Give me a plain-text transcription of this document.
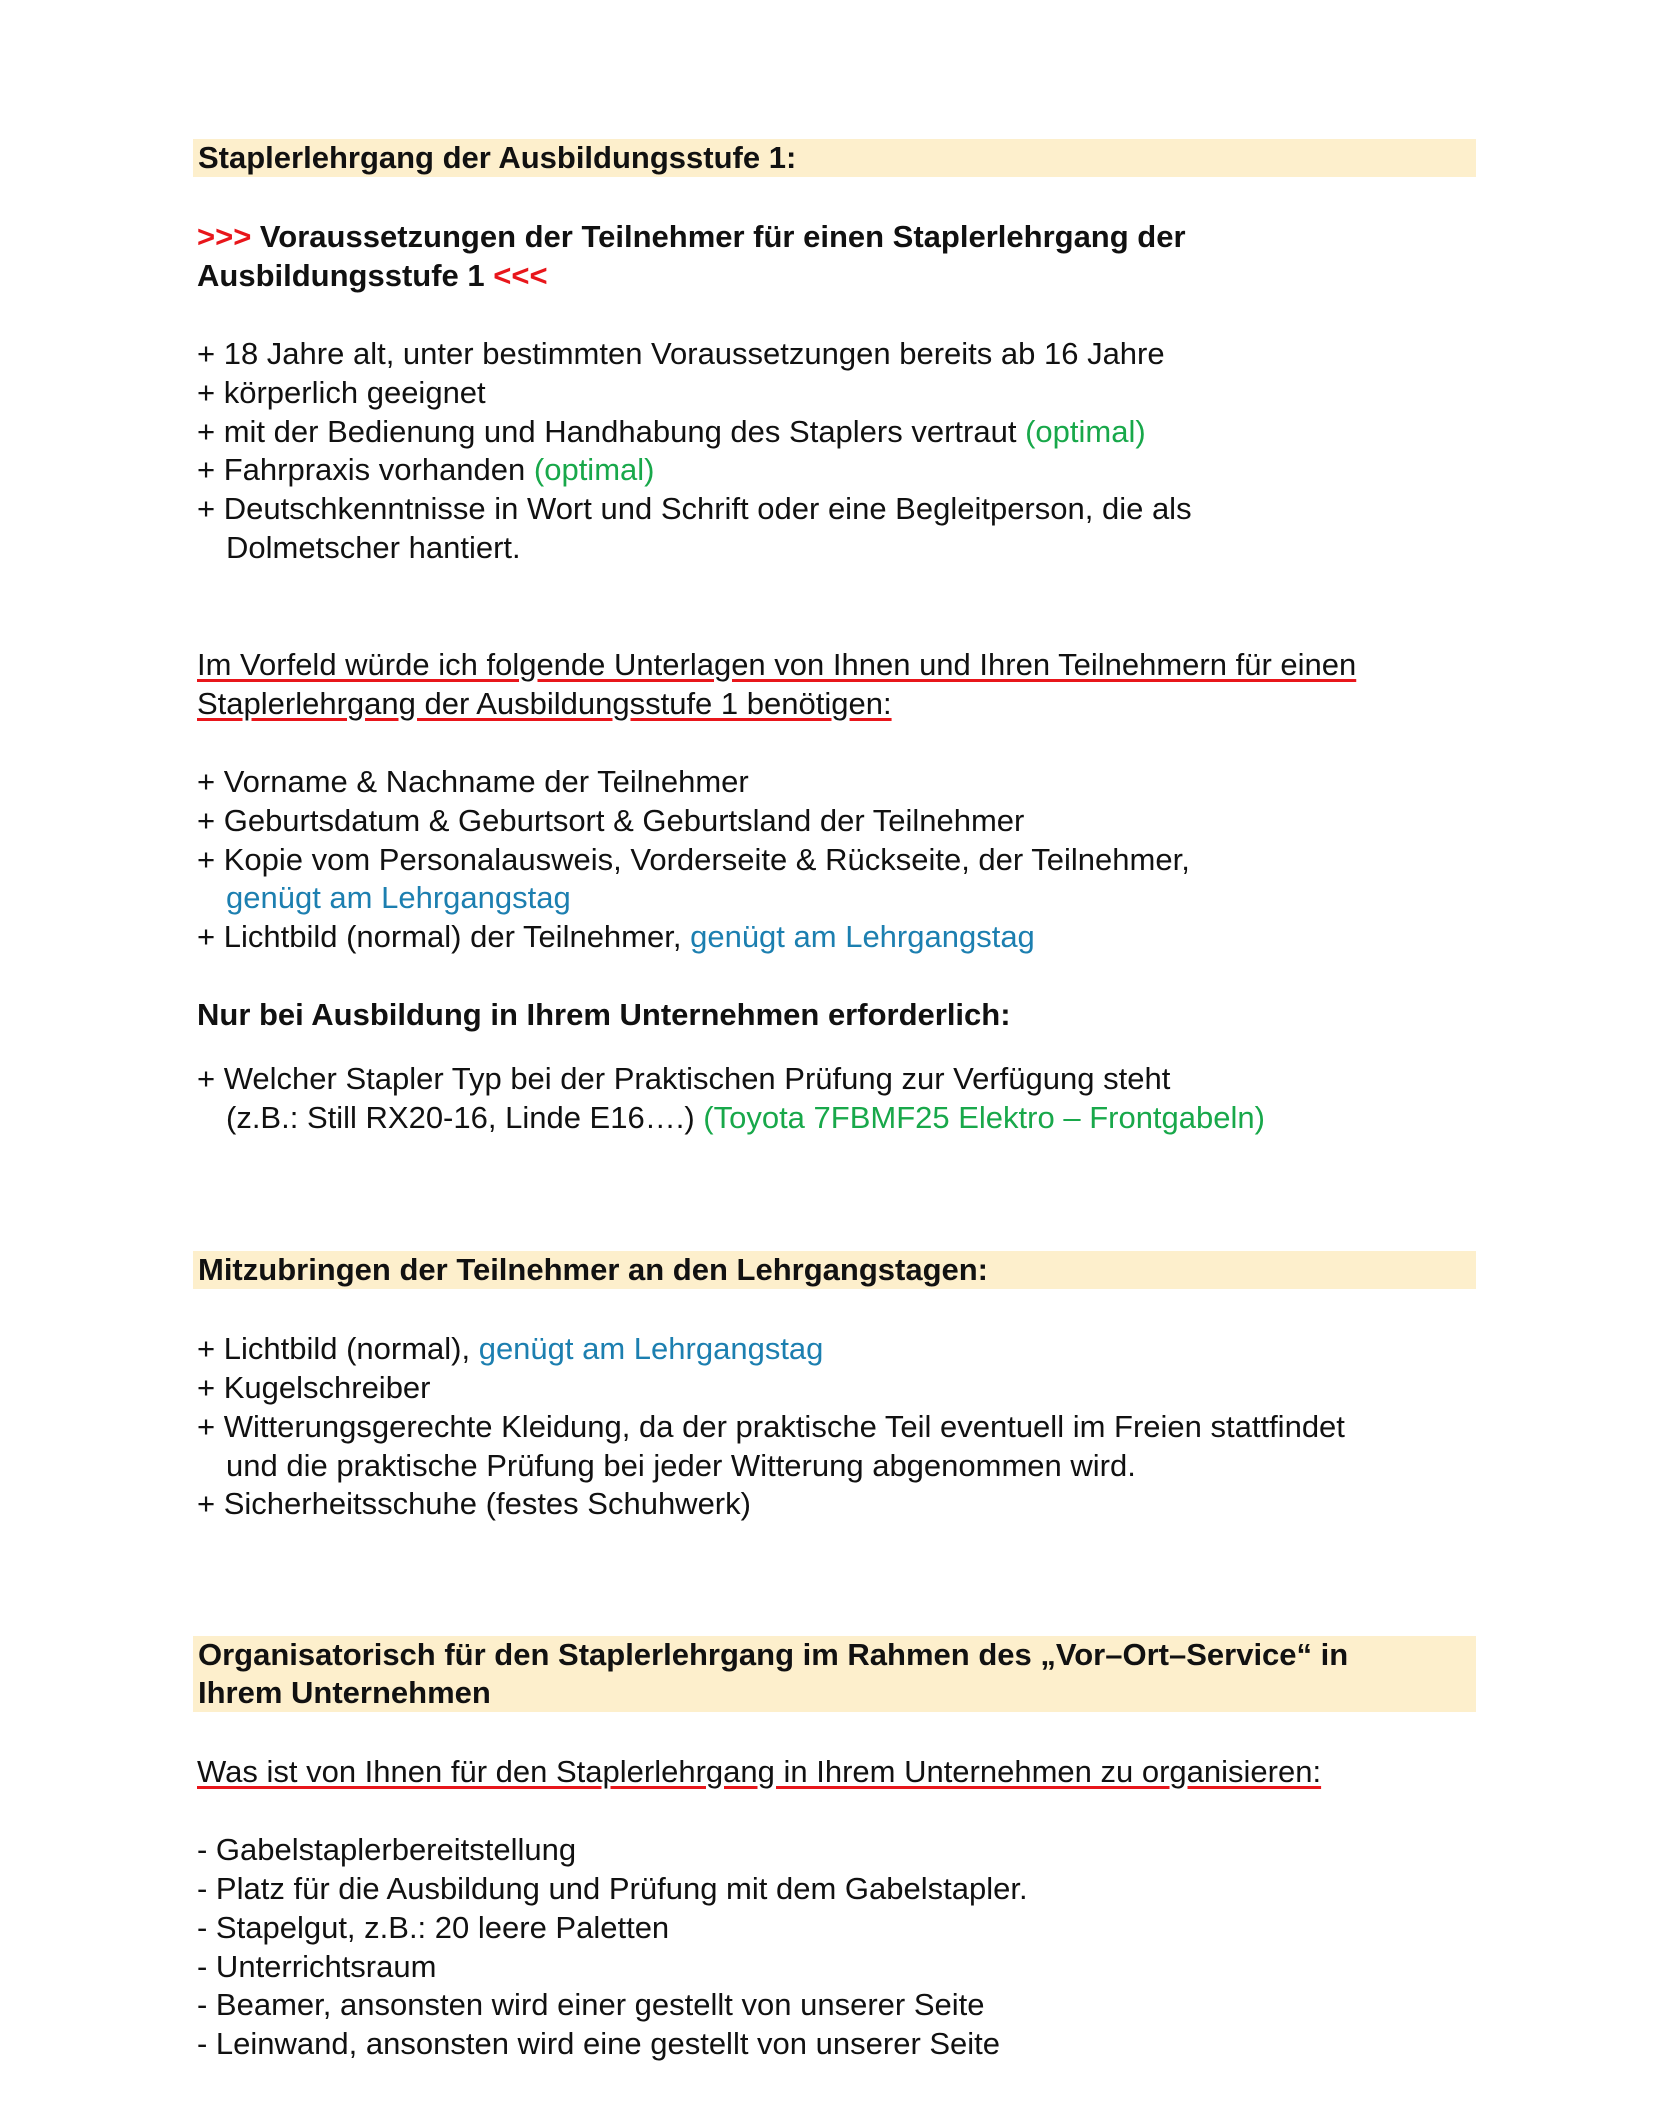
Staplerlehrgang der Ausbildungsstufe 1:
>>> Voraussetzungen der Teilnehmer für einen Staplerlehrgang der
Ausbildungsstufe 1 <<<
+ 18 Jahre alt, unter bestimmten Voraussetzungen bereits ab 16 Jahre
+ körperlich geeignet
+ mit der Bedienung und Handhabung des Staplers vertraut (optimal)
+ Fahrpraxis vorhanden (optimal)
+ Deutschkenntnisse in Wort und Schrift oder eine Begleitperson, die als
Dolmetscher hantiert.
Im Vorfeld würde ich folgende Unterlagen von Ihnen und Ihren Teilnehmern für einen
Staplerlehrgang der Ausbildungsstufe 1 benötigen:
+ Vorname & Nachname der Teilnehmer
+ Geburtsdatum & Geburtsort & Geburtsland der Teilnehmer
+ Kopie vom Personalausweis, Vorderseite & Rückseite, der Teilnehmer,
genügt am Lehrgangstag
+ Lichtbild (normal) der Teilnehmer, genügt am Lehrgangstag
Nur bei Ausbildung in Ihrem Unternehmen erforderlich:
+ Welcher Stapler Typ bei der Praktischen Prüfung zur Verfügung steht
(z.B.: Still RX20-16, Linde E16….) (Toyota 7FBMF25 Elektro – Frontgabeln)
Mitzubringen der Teilnehmer an den Lehrgangstagen:
+ Lichtbild (normal), genügt am Lehrgangstag
+ Kugelschreiber
+ Witterungsgerechte Kleidung, da der praktische Teil eventuell im Freien stattfindet
und die praktische Prüfung bei jeder Witterung abgenommen wird.
+ Sicherheitsschuhe (festes Schuhwerk)
Organisatorisch für den Staplerlehrgang im Rahmen des „Vor–Ort–Service“ in
Ihrem Unternehmen
Was ist von Ihnen für den Staplerlehrgang in Ihrem Unternehmen zu organisieren:
- Gabelstaplerbereitstellung
- Platz für die Ausbildung und Prüfung mit dem Gabelstapler.
- Stapelgut, z.B.: 20 leere Paletten
- Unterrichtsraum
- Beamer, ansonsten wird einer gestellt von unserer Seite
- Leinwand, ansonsten wird eine gestellt von unserer Seite
